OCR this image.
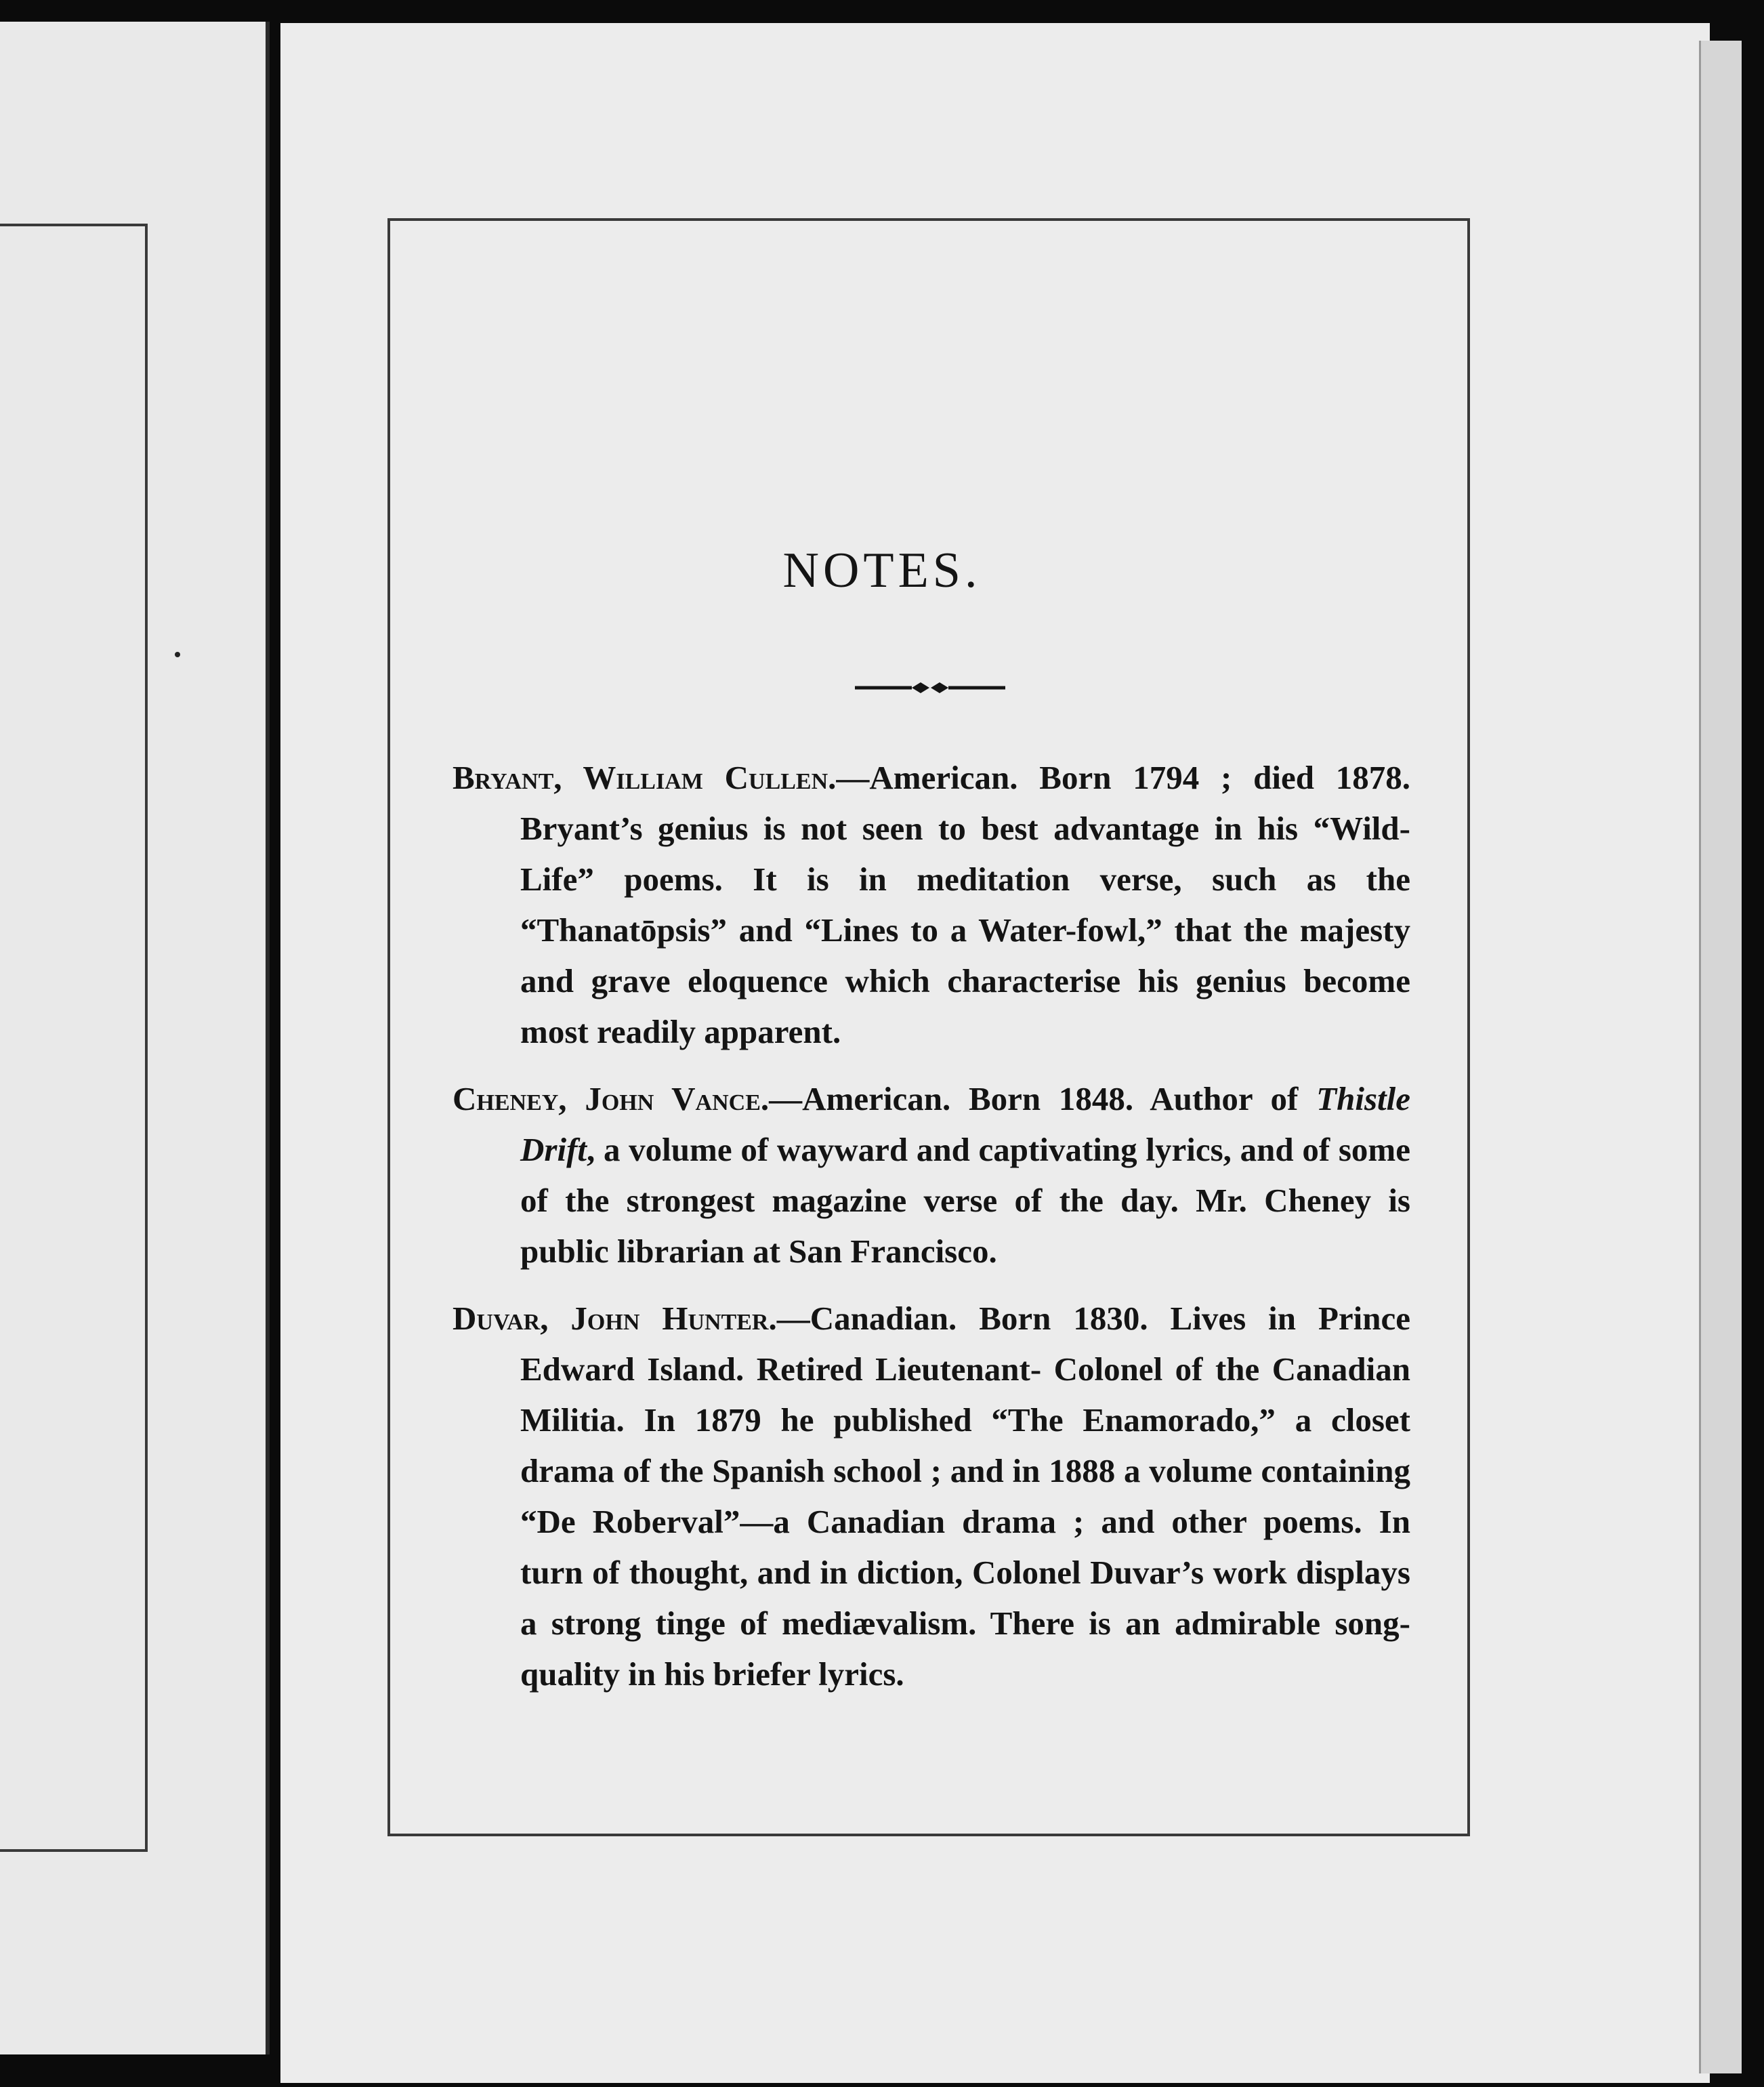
NOTES.

Bryant, William Cullen.—American. Born 1794 ; died 1878. Bryant’s genius is not seen to best advantage in his “Wild-Life” poems. It is in meditation verse, such as the “Thanatōpsis” and “Lines to a Water-fowl,” that the majesty and grave eloquence which characterise his genius become most readily apparent.

Cheney, John Vance.—American. Born 1848. Author of Thistle Drift, a volume of wayward and captivating lyrics, and of some of the strongest magazine verse of the day. Mr. Cheney is public librarian at San Francisco.

Duvar, John Hunter.—Canadian. Born 1830. Lives in Prince Edward Island. Retired Lieutenant- Colonel of the Canadian Militia. In 1879 he published “The Enamorado,” a closet drama of the Spanish school ; and in 1888 a volume containing “De Roberval”—a Canadian drama ; and other poems. In turn of thought, and in diction, Colonel Duvar’s work displays a strong tinge of mediævalism. There is an admirable song-quality in his briefer lyrics.
